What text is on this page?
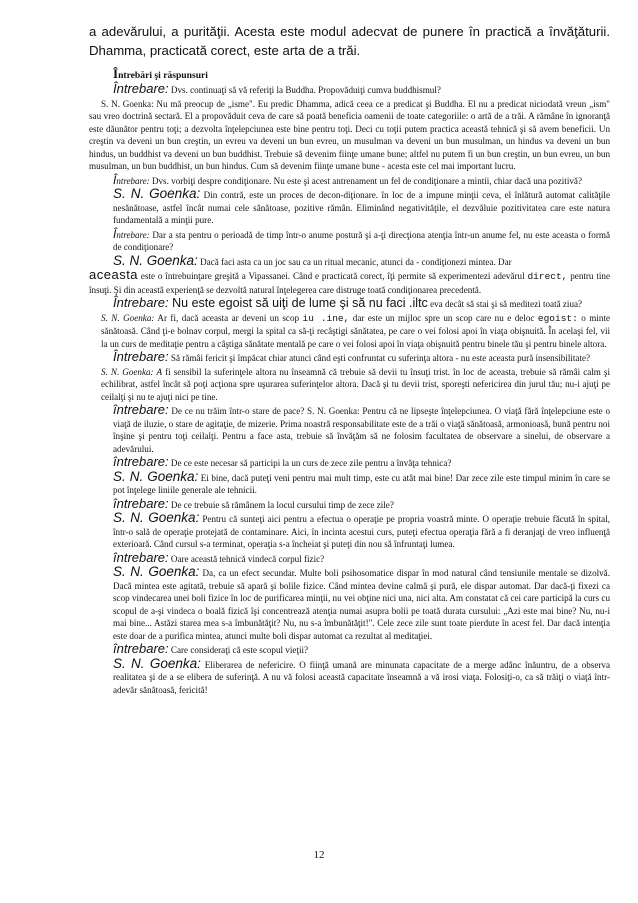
a adevărului, a purităţii. Acesta este modul adecvat de punere în practică a învăţăturii. Dhamma, practicată corect, este arta de a trăi.

Întrebări şi răspunsuri

Întrebare: Dvs. continuaţi să vă referiţi la Buddha. Propovăduiţi cumva buddhismul?

S. N. Goenka: Nu mă preocup de „isme". Eu predic Dhamma, adică ceea ce a predicat şi Buddha. El nu a predicat niciodată vreun „ism" sau vreo doctrină sectară. El a propovăduit ceva de care să poată beneficia oamenii de toate categoriile: o artă de a trăi. A rămâne în ignoranţă este dăunător pentru toţi; a dezvolta înţelepciunea este bine pentru toţi. Deci cu toţii putem practica această tehnică şi să avem beneficii. Un creştin va deveni un bun creştin, un evreu va deveni un bun evreu, un musulman va deveni un bun musulman, un hindus va deveni un bun hindus, un buddhist va deveni un bun buddhist. Trebuie să devenim fiinţe umane bune; altfel nu putem fi un bun creştin, un bun evreu, un bun musulman, un bun buddhist, un bun hindus. Cum să devenim fiinţe umane bune - acesta este cel mai important lucru.

Întrebare: Dvs. vorbiţi despre condiţionare. Nu este şi acest antrenament un fel de condiţionare a mintii, chiar dacă una pozitivă?

S. N. Goenka: Din contră, este un proces de decon-diţionare. în loc de a impune minţii ceva, el înlătură automat calităţile nesănătoase, astfel încât numai cele sănătoase, pozitive rămân. Eliminând negativităţile, el dezvăluie pozitivitatea care este natura fundamentală a minţii pure.

Întrebare: Dar a sta pentru o perioadă de timp într-o anume postură şi a-ţi direcţiona atenţia într-un anume fel, nu este aceasta o formă de condiţionare?

S. N. Goenka: Dacă faci asta ca un joc sau ca un ritual mecanic, atunci da - condiţionezi mintea. Dar

aceasta este o întrebuinţare greşită a Vipassanei. Când e practicată corect, îţi permite să experimentezi adevărul direct, pentru tine însuţi. Şi din această experienţă se dezvoltă natural înţelegerea care distruge toată condiţionarea precedentă.

Întrebare: Nu este egoist să uiţi de lume şi să nu faci .iltc eva decât să stai şi să meditezi toată ziua?

S. N. Goenka: Ar fi, dacă aceasta ar deveni un scop iu .ine, dar este un mijloc spre un scop care nu e deloc egoist: o minte sănătoasă. Când ţi-e bolnav corpul, mergi la spital ca să-ţi recâştigi sănătatea, pe care o vei folosi apoi în viaţa obişnuită. În acelaşi fel, vii la un curs de meditaţie pentru a câştiga sănătate mentală pe care o vei folosi apoi în viaţa obişnuită pentru binele tău şi pentru binele altora.

Întrebare: Să rămâi fericit şi împăcat chiar atunci când eşti confruntat cu suferinţa altora - nu este aceasta pură insensibilitate?

S. N. Goenka: A fi sensibil la suferinţele altora nu înseamnă că trebuie să devii tu însuţi trist. în loc de aceasta, trebuie să rămâi calm şi echilibrat, astfel încât să poţi acţiona spre uşurarea suferinţelor altora. Dacă şi tu devii trist, sporeşti nefericirea din jurul tău; nu-i ajuţi pe ceilalţi şi nu te ajuţi nici pe tine.

întrebare: De ce nu trăim într-o stare de pace? S. N. Goenka: Pentru că ne lipseşte înţelepciunea. O viaţă fără înţelepciune este o viaţă de iluzie, o stare de agitaţie, de mizerie. Prima noastră responsabilitate este de a trăi o viaţă sănătoasă, armonioasă, bună pentru noi înşine şi pentru toţi ceilalţi. Pentru a face asta, trebuie să învăţăm să ne folosim facultatea de observare a sinelui, de observare a adevărului.

întrebare: De ce este necesar să participi la un curs de zece zile pentru a învăţa tehnica?

S. N. Goenka: Ei bine, dacă puteţi veni pentru mai mult timp, este cu atât mai bine! Dar zece zile este timpul minim în care se pot înţelege liniile generale ale tehnicii.

întrebare: De ce trebuie să rămânem la locul cursului timp de zece zile?

S. N. Goenka: Pentru că sunteţi aici pentru a efectua o operaţie pe propria voastră minte. O operaţie trebuie făcută în spital, într-o sală de operaţie protejată de contaminare. Aici, în incinta acestui curs, puteţi efectua operaţia fără a fi deranjaţi de vreo influenţă exterioară. Când cursul s-a terminat, operaţia s-a încheiat şi puteţi din nou să înfruntaţi lumea.

întrebare: Oare această tehnică vindecă corpul fizic?

S. N. Goenka: Da, ca un efect secundar. Multe boli psihosomatice dispar în mod natural când tensiunile mentale se dizolvă. Dacă mintea este agitată, trebuie să apară şi bolile fizice. Când mintea devine calmă şi pură, ele dispar automat. Dar dacă-ţi fixezi ca scop vindecarea unei boli fizice în loc de purificarea minţii, nu vei obţine nici una, nici alta. Am constatat că cei care participă la curs cu scopul de a-şi vindeca o boală fizică îşi concentrează atenţia numai asupra bolii pe toată durata cursului: „Azi este mai bine? Nu, nu-i mai bine... Astăzi starea mea s-a îmbunătăţit? Nu, nu s-a îmbunătăţit!". Cele zece zile sunt toate pierdute în acest fel. Dar dacă intenţia este doar de a purifica mintea, atunci multe boli dispar automat ca rezultat al meditaţiei.

întrebare: Care consideraţi că este scopul vieţii?

S. N. Goenka: Eliberarea de nefericire. O fiinţă umană are minunata capacitate de a merge adânc înăuntru, de a observa realitatea şi de a se elibera de suferinţă. A nu vă folosi această capacitate înseamnă a vă irosi viaţa. Folosiţi-o, ca să trăiţi o viaţă într-adevăr sănătoasă, fericită!

12
